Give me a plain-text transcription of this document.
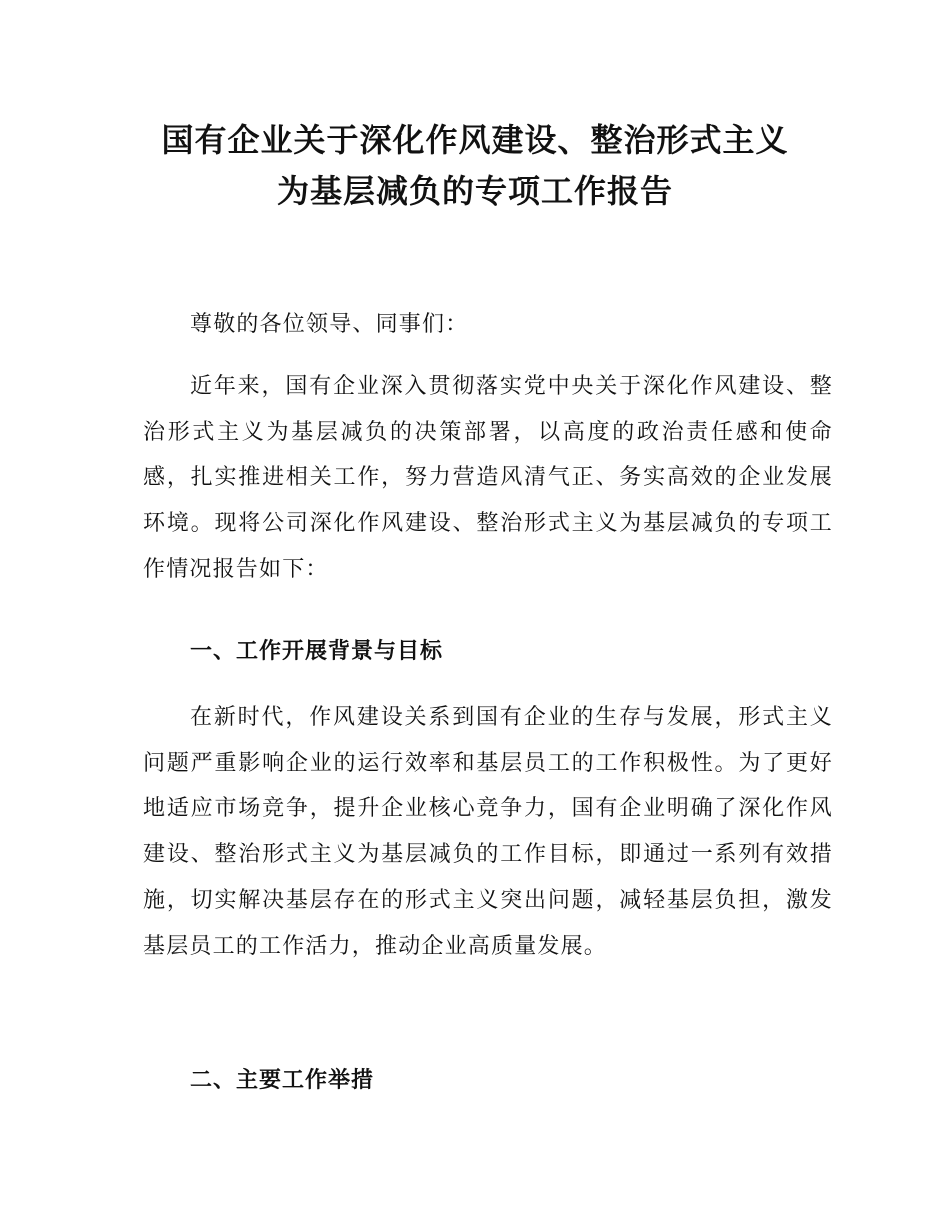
国有企业关于深化作风建设、整治形式主义
为基层减负的专项工作报告

尊敬的各位领导、同事们：

近年来，国有企业深入贯彻落实党中央关于深化作风建设、整治形式主义为基层减负的决策部署，以高度的政治责任感和使命感，扎实推进相关工作，努力营造风清气正、务实高效的企业发展环境。现将公司深化作风建设、整治形式主义为基层减负的专项工作情况报告如下：

一、工作开展背景与目标

在新时代，作风建设关系到国有企业的生存与发展，形式主义问题严重影响企业的运行效率和基层员工的工作积极性。为了更好地适应市场竞争，提升企业核心竞争力，国有企业明确了深化作风建设、整治形式主义为基层减负的工作目标，即通过一系列有效措施，切实解决基层存在的形式主义突出问题，减轻基层负担，激发基层员工的工作活力，推动企业高质量发展。

二、主要工作举措
